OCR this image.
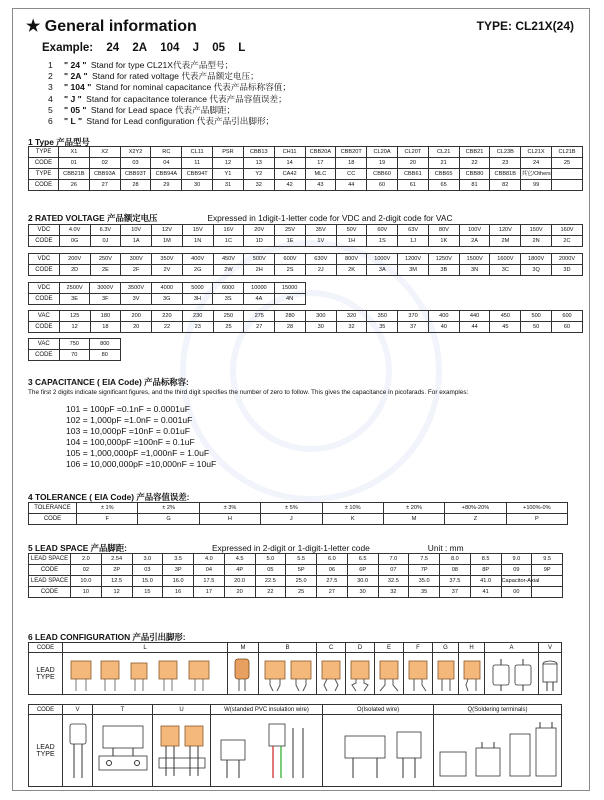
★ General information	TYPE: CL21X(24)
Example: 24 2A 104 J 05 L
1 " 24 " Stand for type CL21X代表产品型号；
2 " 2A " Stand for rated voltage 代表产品额定电压；
3 " 104 " Stand for nominal capacitance 代表产品标称容值；
4 " J " Stand for capacitance tolerance 代表产品容值误差；
5 " 05 " Stand for Lead space 代表产品脚距；
6 " L " Stand for Lead configuration 代表产品引出脚形；
1 Type 产品型号
TYPE	X1	X2	X2Y2	RC	CL11	PSR	CBB13	CH11	CBB20A	CBB20T	CL20A	CL20T	CL21	CBB21	CL23B	CL21X	CL21B
CODE	01	02	03	04	11	12	13	14	17	18	19	20	21	22	23	24	25
TYPE	CBB21B	CBB93A	CBB93T	CBB94A	CBB94T	Y1	Y2	CA42	MLC	CC	CBB60	CBB61	CBB65	CBB80	CBB81B	其它/Others	
CODE	26	27	28	29	30	31	32	42	43	44	60	61	65	81	82	99	
2 RATED VOLTAGE 产品额定电压	Expressed in 1digit-1-letter code for VDC and 2-digit code for VAC
VDC	4.0V	6.3V	10V	12V	15V	16V	20V	25V	35V	50V	60V	63V	80V	100V	120V	150V	160V
CODE	0G	0J	1A	1M	1N	1C	1D	1E	1V	1H	1S	1J	1K	2A	2M	2N	2C
VDC	200V	250V	300V	350V	400V	450V	500V	600V	630V	800V	1000V	1200V	1250V	1500V	1600V	1800V	2000V
CODE	2D	2E	2F	2V	2G	2W	2H	2S	2J	2K	3A	3M	3B	3N	3C	3Q	3D
VDC	2500V	3000V	3500V	4000	5000	6000	10000	15000
CODE	3E	3F	3V	3G	3H	3S	4A	4N
VAC	125	180	200	220	230	250	275	280	300	320	350	370	400	440	450	500	600
CODE	12	18	20	22	23	25	27	28	30	32	35	37	40	44	45	50	60
VAC	750	800
CODE	70	80
3 CAPACITANCE ( EIA Code) 产品标称容:
The first 2 digits indicate significant figures, and the third digit specifies the number of zero to follow. This gives the capacitance in picofarads. For examples:
101 = 100pF =0.1nF = 0.0001uF
102 = 1,000pF =1.0nF = 0.001uF
103 = 10,000pF =10nF = 0.01uF
104 = 100,000pF =100nF = 0.1uF
105 = 1,000,000pF =1,000nF = 1.0uF
106 = 10,000,000pF =10,000nF = 10uF
4 TOLERANCE ( EIA Code) 产品容值误差:
TOLERANCE	± 1%	± 2%	± 3%	± 5%	± 10%	± 20%	+80%-20%	+100%-0%
CODE	F	G	H	J	K	M	Z	P
5 LEAD SPACE 产品脚距:	Expressed in 2-digit or 1-digit-1-letter code	Unit : mm
LEAD SPACE	2.0	2.54	3.0	3.5	4.0	4.5	5.0	5.5	6.0	6.5	7.0	7.5	8.0	8.5	9.0	9.5
CODE	02	2P	03	3P	04	4P	05	5P	06	6P	07	7P	08	8P	09	9P
LEAD SPACE	10.0	12.5	15.0	16.0	17.5	20.0	22.5	25.0	27.5	30.0	32.5	35.0	37.5	41.0	Capacitor-Axial	
CODE	10	12	15	16	17	20	22	25	27	30	32	35	37	41	00	
6 LEAD CONFIGURATION 产品引出脚形:
CODE	L	M	B	C	D	E	F	G	H	A	V
LEAD TYPE	

CODE	V	T	U	W(standed PVC insulation wire)	O(Isolated wire)	Q(Soldering terminals)
LEAD TYPE	
